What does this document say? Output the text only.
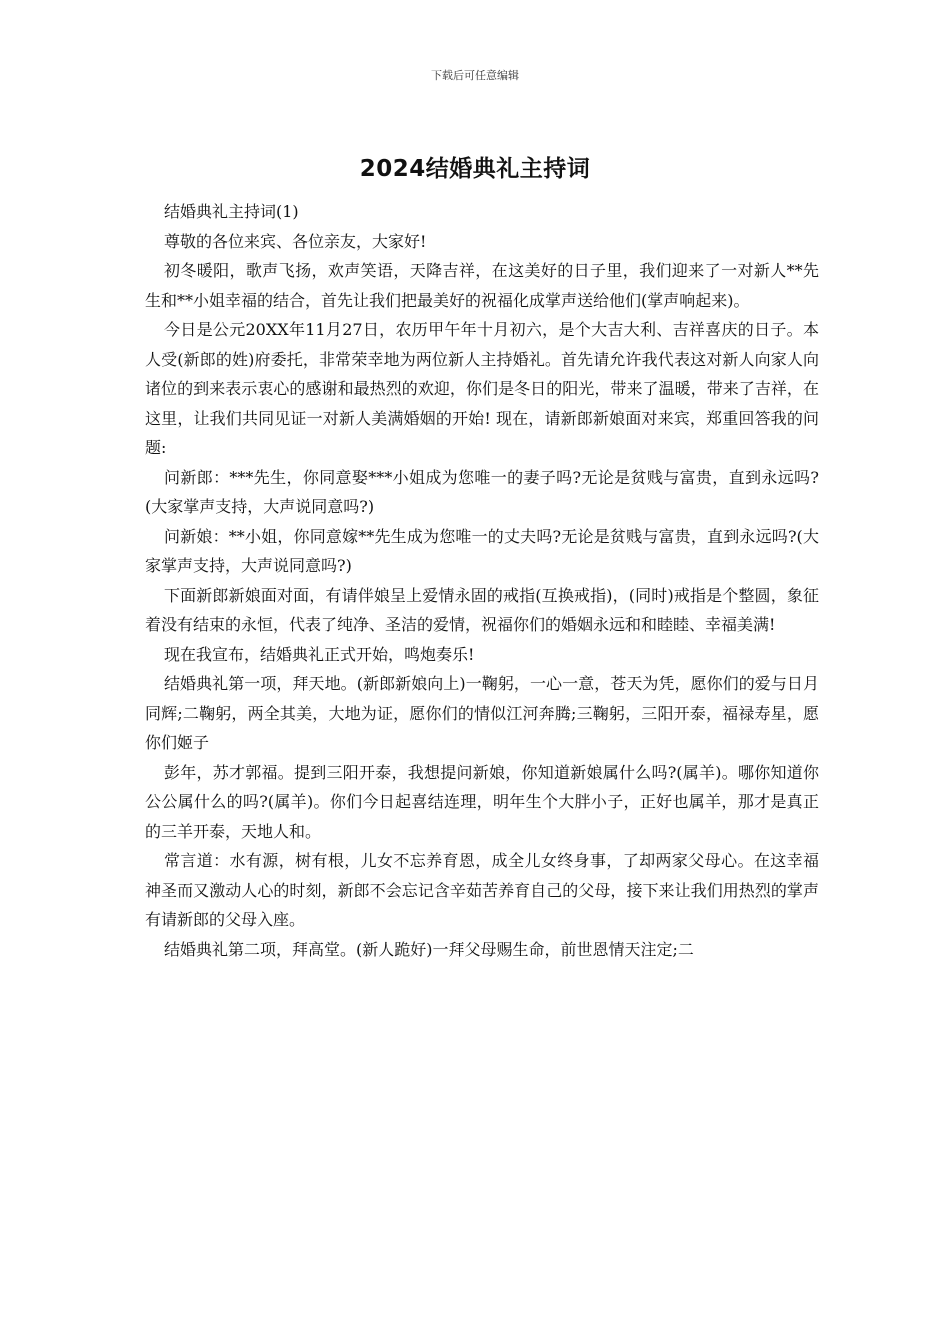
下载后可任意编辑
2024结婚典礼主持词

结婚典礼主持词(1)

尊敬的各位来宾、各位亲友，大家好!

初冬暖阳，歌声飞扬，欢声笑语，天降吉祥，在这美好的日子里，我们迎来了一对新人**先生和**小姐幸福的结合，首先让我们把最美好的祝福化成掌声送给他们(掌声响起来)。

今日是公元20XX年11月27日，农历甲午年十月初六，是个大吉大利、吉祥喜庆的日子。本人受(新郎的姓)府委托，非常荣幸地为两位新人主持婚礼。首先请允许我代表这对新人向家人向诸位的到来表示衷心的感谢和最热烈的欢迎，你们是冬日的阳光，带来了温暖，带来了吉祥，在这里，让我们共同见证一对新人美满婚姻的开始! 现在，请新郎新娘面对来宾，郑重回答我的问题:

问新郎：***先生，你同意娶***小姐成为您唯一的妻子吗?无论是贫贱与富贵，直到永远吗?(大家掌声支持，大声说同意吗?)

问新娘：**小姐，你同意嫁**先生成为您唯一的丈夫吗?无论是贫贱与富贵，直到永远吗?(大家掌声支持，大声说同意吗?)

下面新郎新娘面对面，有请伴娘呈上爱情永固的戒指(互换戒指)，(同时)戒指是个整圆，象征着没有结束的永恒，代表了纯净、圣洁的爱情，祝福你们的婚姻永远和和睦睦、幸福美满!

现在我宣布，结婚典礼正式开始，鸣炮奏乐!

结婚典礼第一项，拜天地。(新郎新娘向上)一鞠躬，一心一意，苍天为凭，愿你们的爱与日月同辉;二鞠躬，两全其美，大地为证，愿你们的情似江河奔腾;三鞠躬，三阳开泰，福禄寿星，愿你们姬子

彭年，苏才郭福。提到三阳开泰，我想提问新娘，你知道新娘属什么吗?(属羊)。哪你知道你公公属什么的吗?(属羊)。你们今日起喜结连理，明年生个大胖小子，正好也属羊，那才是真正的三羊开泰，天地人和。

常言道：水有源，树有根，儿女不忘养育恩，成全儿女终身事，了却两家父母心。在这幸福神圣而又激动人心的时刻，新郎不会忘记含辛茹苦养育自己的父母，接下来让我们用热烈的掌声有请新郎的父母入座。

结婚典礼第二项，拜高堂。(新人跪好)一拜父母赐生命，前世恩情天注定;二
